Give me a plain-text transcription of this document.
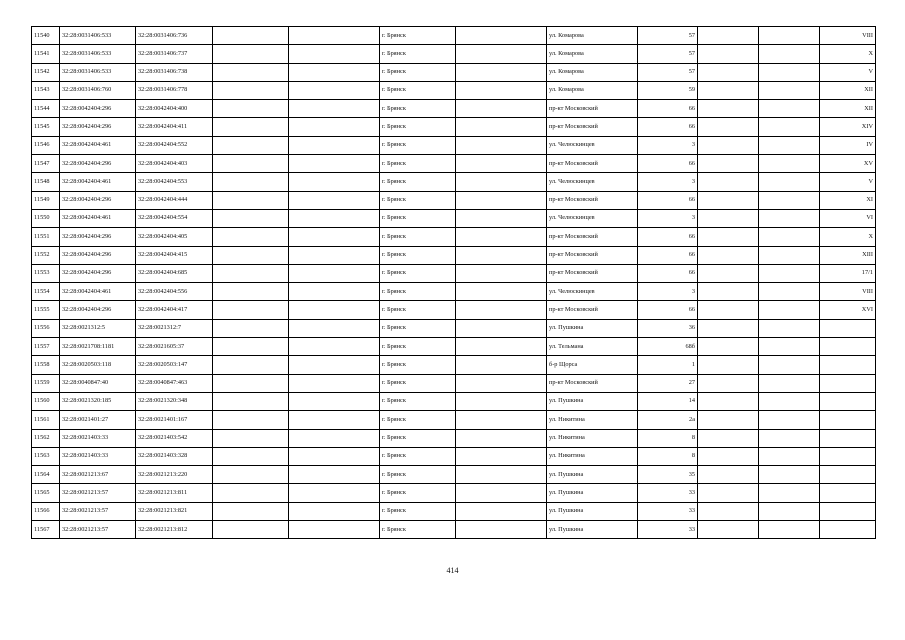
11540	32:28:0031406:533	32:28:0031406:736			г. Брянск		ул. Комарова	57			VIII
11541	32:28:0031406:533	32:28:0031406:737			г. Брянск		ул. Комарова	57			X
11542	32:28:0031406:533	32:28:0031406:738			г. Брянск		ул. Комарова	57			V
11543	32:28:0031406:760	32:28:0031406:778			г. Брянск		ул. Комарова	59			XII
11544	32:28:0042404:296	32:28:0042404:400			г. Брянск		пр-кт Московский	66			XII
11545	32:28:0042404:296	32:28:0042404:411			г. Брянск		пр-кт Московский	66			XIV
11546	32:28:0042404:461	32:28:0042404:552			г. Брянск		ул. Челюскинцев	3			IV
11547	32:28:0042404:296	32:28:0042404:403			г. Брянск		пр-кт Московский	66			XV
11548	32:28:0042404:461	32:28:0042404:553			г. Брянск		ул. Челюскинцев	3			V
11549	32:28:0042404:296	32:28:0042404:444			г. Брянск		пр-кт Московский	66			XI
11550	32:28:0042404:461	32:28:0042404:554			г. Брянск		ул. Челюскинцев	3			VI
11551	32:28:0042404:296	32:28:0042404:405			г. Брянск		пр-кт Московский	66			X
11552	32:28:0042404:296	32:28:0042404:415			г. Брянск		пр-кт Московский	66			XIII
11553	32:28:0042404:296	32:28:0042404:685			г. Брянск		пр-кт Московский	66			17/1
11554	32:28:0042404:461	32:28:0042404:556			г. Брянск		ул. Челюскинцев	3			VIII
11555	32:28:0042404:296	32:28:0042404:417			г. Брянск		пр-кт Московский	66			XVI
11556	32:28:0021312:5	32:28:0021312:7			г. Брянск		ул. Пушкина	36			
11557	32:28:0021708:1181	32:28:0021605:37			г. Брянск		ул. Тельмана	68б			
11558	32:28:0020503:118	32:28:0020503:147			г. Брянск		б-р Щорса	1			
11559	32:28:0040847:40	32:28:0040847:463			г. Брянск		пр-кт Московский	27			
11560	32:28:0021320:185	32:28:0021320:348			г. Брянск		ул. Пушкина	14			
11561	32:28:0021401:27	32:28:0021401:167			г. Брянск		ул. Никитина	2а			
11562	32:28:0021403:33	32:28:0021403:542			г. Брянск		ул. Никитина	8			
11563	32:28:0021403:33	32:28:0021403:328			г. Брянск		ул. Никитина	8			
11564	32:28:0021213:67	32:28:0021213:220			г. Брянск		ул. Пушкина	35			
11565	32:28:0021213:57	32:28:0021213:811			г. Брянск		ул. Пушкина	33			
11566	32:28:0021213:57	32:28:0021213:821			г. Брянск		ул. Пушкина	33			
11567	32:28:0021213:57	32:28:0021213:812			г. Брянск		ул. Пушкина	33			
414
